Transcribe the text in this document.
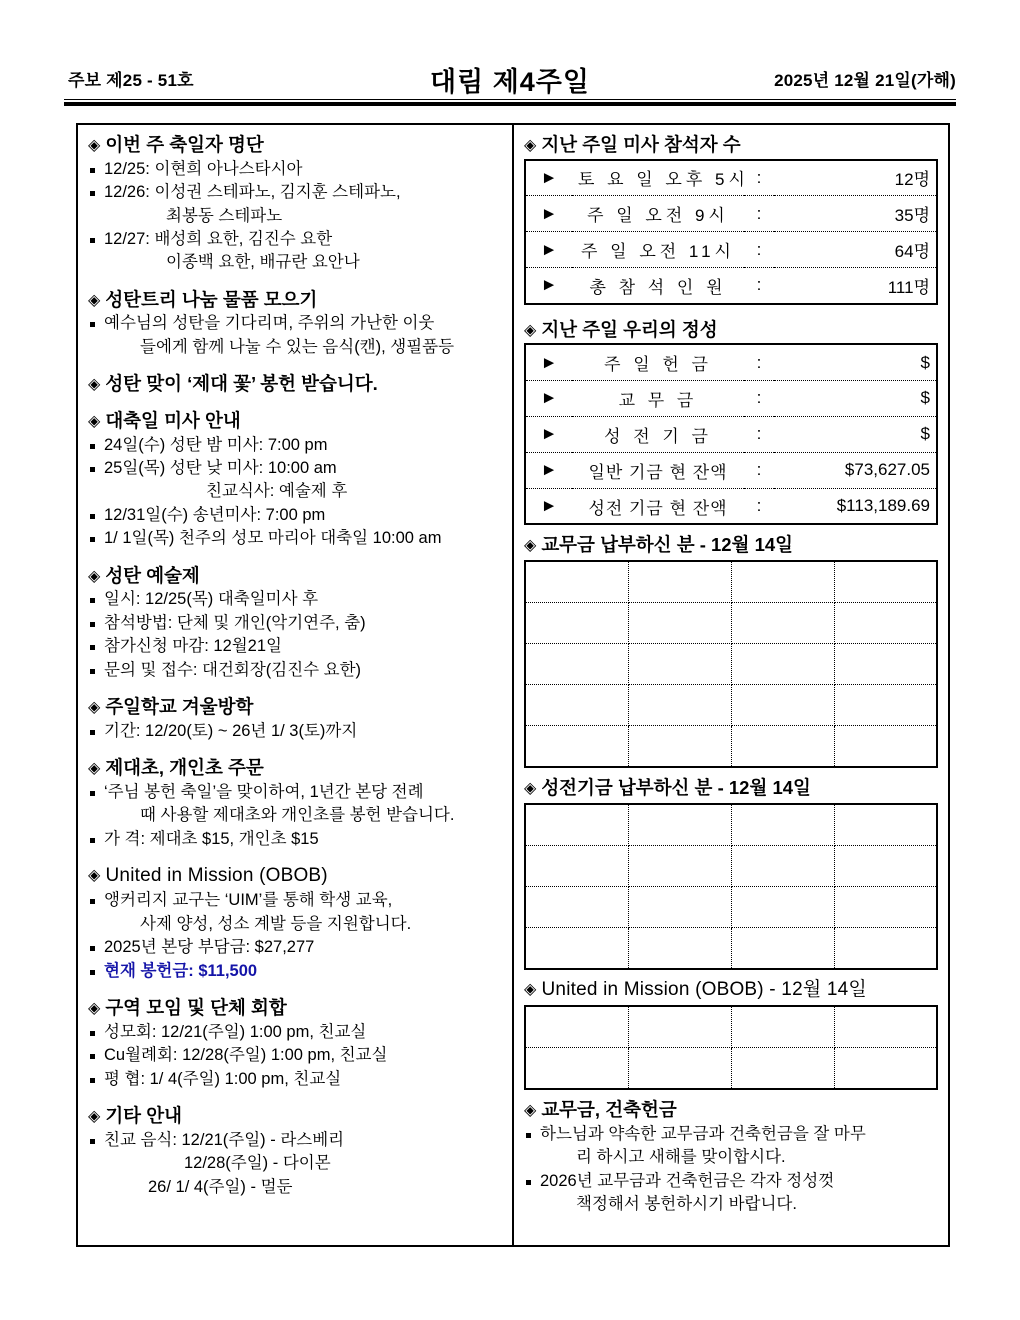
주보 제25 - 51호	대림 제4주일	2025년 12월 21일(가해)
◈ 이번 주 축일자 명단
12/25: 이현희 아나스타시아
12/26: 이성권 스테파노, 김지훈 스테파노,
최봉동 스테파노
12/27: 배성희 요한, 김진수 요한
이종백 요한, 배규란 요안나
◈ 성탄트리 나눔 물품 모으기
예수님의 성탄을 기다리며, 주위의 가난한 이웃
들에게 함께 나눌 수 있는 음식(캔), 생필품등
◈ 성탄 맞이 ‘제대 꽃’ 봉헌 받습니다.
◈ 대축일 미사 안내
24일(수) 성탄 밤 미사: 7:00 pm
25일(목) 성탄 낮 미사: 10:00 am
친교식사: 예술제 후
12/31일(수) 송년미사: 7:00 pm
1/ 1일(목) 천주의 성모 마리아 대축일 10:00 am
◈ 성탄 예술제
일시: 12/25(목) 대축일미사 후
참석방법: 단체 및 개인(악기연주, 춤)
참가신청 마감: 12월21일
문의 및 접수: 대건회장(김진수 요한)
◈ 주일학교 겨울방학
기간: 12/20(토) ~ 26년 1/ 3(토)까지
◈ 제대초, 개인초 주문
‘주님 봉헌 축일’을 맞이하여, 1년간 본당 전례
때 사용할 제대초와 개인초를 봉헌 받습니다.
가 격: 제대초 $15, 개인초 $15
◈ United in Mission (OBOB)
앵커리지 교구는 ‘UIM’를 통해 학생 교육,
사제 양성, 성소 계발 등을 지원합니다.
2025년 본당 부담금: $27,277
현재 봉헌금: $11,500
◈ 구역 모임 및 단체 회합
성모회: 12/21(주일) 1:00 pm, 친교실
Cu월례회: 12/28(주일) 1:00 pm, 친교실
평 협: 1/ 4(주일) 1:00 pm, 친교실
◈ 기타 안내
친교 음식: 12/21(주일) - 라스베리
12/28(주일) - 다이몬
26/ 1/ 4(주일) - 멀둔
◈ 지난 주일 미사 참석자 수
►	토 요 일 오후 5시	:	12명
►	주 일 오전 9시	:	35명
►	주 일 오전 11시	:	64명
►	총 참 석 인 원	:	111명
◈ 지난 주일 우리의 정성
►	주 일 헌 금	:	$
►	교 무 금	:	$
►	성 전 기 금	:	$
►	일반 기금 현 잔액	:	$73,627.05
►	성전 기금 현 잔액	:	$113,189.69
◈ 교무금 납부하신 분 - 12월 14일

◈ 성전기금 납부하신 분 - 12월 14일

◈ United in Mission (OBOB) - 12월 14일

◈ 교무금, 건축헌금
하느님과 약속한 교무금과 건축헌금을 잘 마무
리 하시고 새해를 맞이합시다.
2026년 교무금과 건축헌금은 각자 정성껏
책정해서 봉헌하시기 바랍니다.
